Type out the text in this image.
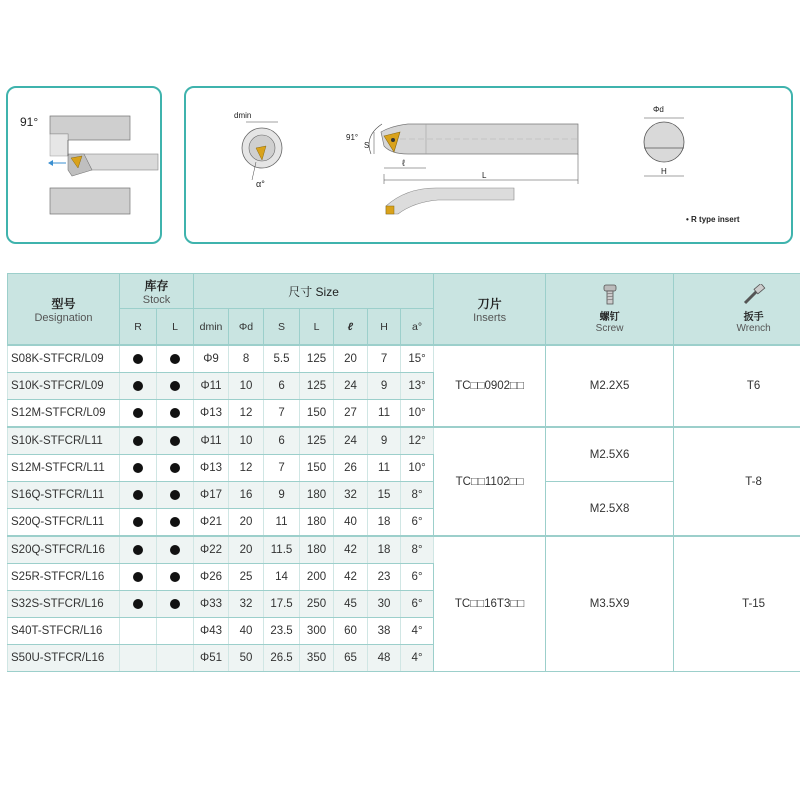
91°	dmin
α°
91°
S
ℓ
L
Φd
H
• R type insert
型号
Designation	库存
Stock		尺寸 Size							刀片
Inserts	螺钉
Screw	扳手
Wrench

	R	L	dmin	Φd	S	L	ℓ	H	a°			
S08K-STFCR/L09			Φ9	8	5.5	125	20	7	15°	TC□□0902□□	M2.2X5	T6
S10K-STFCR/L09			Φ11	10	6	125	24	9	13°			
S12M-STFCR/L09			Φ13	12	7	150	27	11	10°			
S10K-STFCR/L11			Φ11	10	6	125	24	9	12°	TC□□1102□□	M2.5X6	T-8
S12M-STFCR/L11			Φ13	12	7	150	26	11	10°			
S16Q-STFCR/L11			Φ17	16	9	180	32	15	8°		M2.5X8	
S20Q-STFCR/L11			Φ21	20	11	180	40	18	6°			
S20Q-STFCR/L16			Φ22	20	11.5	180	42	18	8°	TC□□16T3□□	M3.5X9	T-15
S25R-STFCR/L16			Φ26	25	14	200	42	23	6°			
S32S-STFCR/L16			Φ33	32	17.5	250	45	30	6°			
S40T-STFCR/L16			Φ43	40	23.5	300	60	38	4°			
S50U-STFCR/L16			Φ51	50	26.5	350	65	48	4°			
